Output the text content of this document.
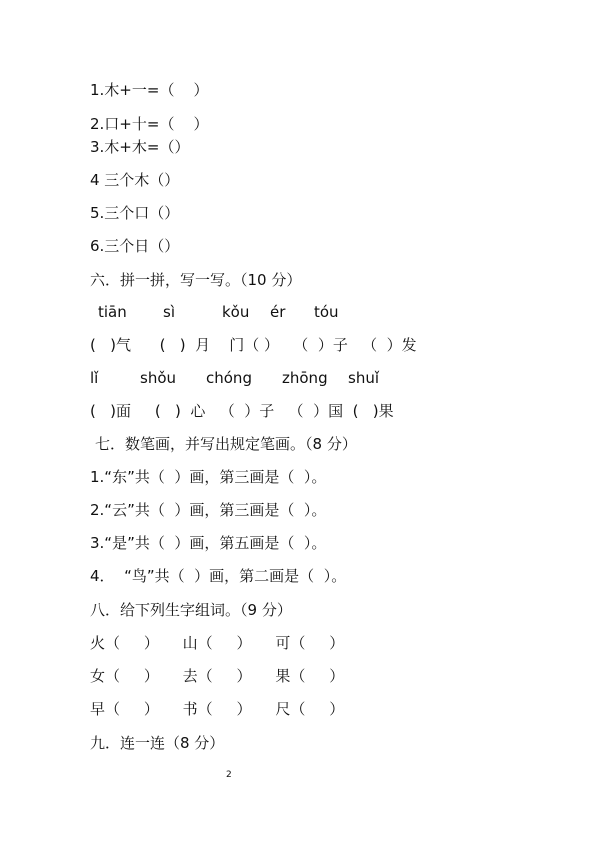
1.木+一=（    ）
2.口+十=（    ）
3.木+木=（）
4 三个木（）
5.三个口（）
6.三个日（）
六．拼一拼，写一写。（10 分）
tiān sì	kǒu ér tóu
(   )气      (   )  月    门（ ）   （  ）子   （  ）发
lǐ	shǒu chóng zhōng shuǐ
(   )面     (   )  心   （  ）子   （  ）国  (   )果
七．数笔画，并写出规定笔画。（8 分）
1.“东”共（  ）画，第三画是（  ）。
2.“云”共（  ）画，第三画是（  ）。
3.“是”共（  ）画，第五画是（  ）。
4．  “鸟”共（  ）画，第二画是（  ）。
八．给下列生字组词。（9 分）
火（     ）     山（     ）     可（     ）
女（     ）     去（     ）     果（     ）
早（     ）     书（     ）     尺（     ）
九．连一连（8 分）
2
